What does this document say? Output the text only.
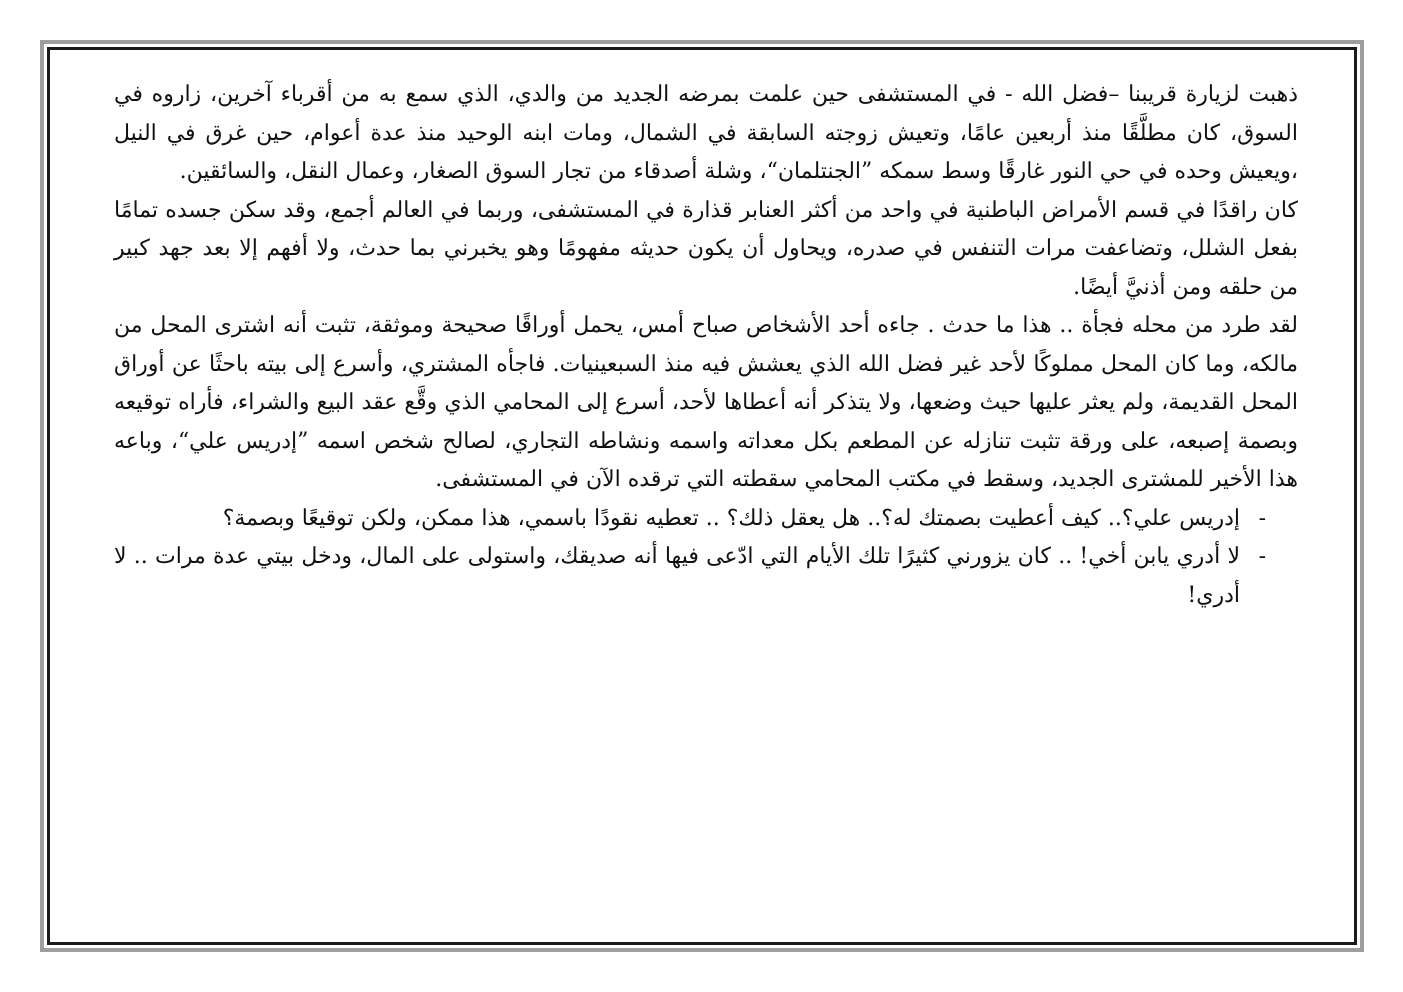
ذهبت لزيارة قريبنا –فضل الله - في المستشفى حين علمت بمرضه الجديد من والدي، الذي سمع به من أقرباء آخرين، زاروه في السوق، كان مطلَّقًا منذ أربعين عامًا، وتعيش زوجته السابقة في الشمال، ومات ابنه الوحيد منذ عدة أعوام، حين غرق في النيل ،ويعيش وحده في حي النور غارقًا وسط سمكه ”الجنتلمان“، وشلة أصدقاء من تجار السوق الصغار، وعمال النقل، والسائقين.

كان راقدًا في قسم الأمراض الباطنية في واحد من أكثر العنابر قذارة في المستشفى، وربما في العالم أجمع، وقد سكن جسده تمامًا بفعل الشلل، وتضاعفت مرات التنفس في صدره، ويحاول أن يكون حديثه مفهومًا وهو يخبرني بما حدث، ولا أفهم إلا بعد جهد كبير من حلقه ومن أذنيَّ أيضًا.

لقد طرد من محله فجأة .. هذا ما حدث . جاءه أحد الأشخاص صباح أمس، يحمل أوراقًا صحيحة وموثقة، تثبت أنه اشترى المحل من مالكه، وما كان المحل مملوكًا لأحد غير فضل الله الذي يعشش فيه منذ السبعينيات. فاجأه المشتري، وأسرع إلى بيته باحثًا عن أوراق المحل القديمة، ولم يعثر عليها حيث وضعها، ولا يتذكر أنه أعطاها لأحد، أسرع إلى المحامي الذي وقَّع عقد البيع والشراء، فأراه توقيعه وبصمة إصبعه، على ورقة تثبت تنازله عن المطعم بكل معداته واسمه ونشاطه التجاري، لصالح شخص اسمه ”إدريس علي“، وباعه هذا الأخير للمشترى الجديد، وسقط في مكتب المحامي سقطته التي ترقده الآن في المستشفى.

-
إدريس علي؟.. كيف أعطيت بصمتك له؟.. هل يعقل ذلك؟ .. تعطيه نقودًا باسمي، هذا ممكن، ولكن توقيعًا وبصمة؟
-
لا أدري يابن أخي! .. كان يزورني كثيرًا تلك الأيام التي ادّعى فيها أنه صديقك، واستولى على المال، ودخل بيتي عدة مرات .. لا أدري!
